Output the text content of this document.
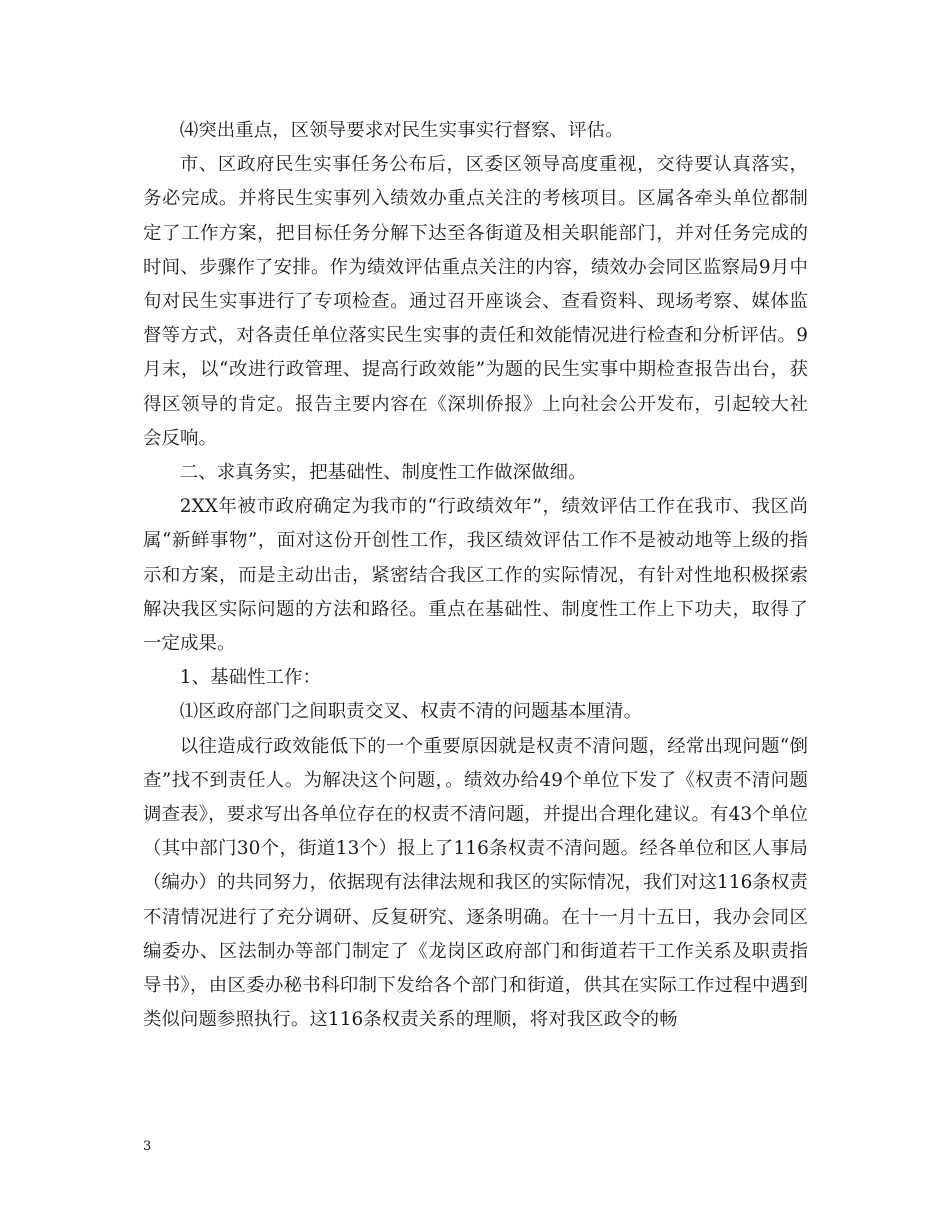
⑷突出重点，区领导要求对民生实事实行督察、评估。

市、区政府民生实事任务公布后，区委区领导高度重视，交待要认真落实，务必完成。并将民生实事列入绩效办重点关注的考核项目。区属各牵头单位都制定了工作方案，把目标任务分解下达至各街道及相关职能部门，并对任务完成的时间、步骤作了安排。作为绩效评估重点关注的内容，绩效办会同区监察局9月中旬对民生实事进行了专项检查。通过召开座谈会、查看资料、现场考察、媒体监督等方式，对各责任单位落实民生实事的责任和效能情况进行检查和分析评估。9月末，以“改进行政管理、提高行政效能”为题的民生实事中期检查报告出台，获得区领导的肯定。报告主要内容在《深圳侨报》上向社会公开发布，引起较大社会反响。

二、求真务实，把基础性、制度性工作做深做细。

2XX年被市政府确定为我市的“行政绩效年”，绩效评估工作在我市、我区尚属“新鲜事物”，面对这份开创性工作，我区绩效评估工作不是被动地等上级的指示和方案，而是主动出击，紧密结合我区工作的实际情况，有针对性地积极探索解决我区实际问题的方法和路径。重点在基础性、制度性工作上下功夫，取得了一定成果。

1、基础性工作：

⑴区政府部门之间职责交叉、权责不清的问题基本厘清。

以往造成行政效能低下的一个重要原因就是权责不清问题，经常出现问题“倒查”找不到责任人。为解决这个问题，。绩效办给49个单位下发了《权责不清问题调查表》，要求写出各单位存在的权责不清问题，并提出合理化建议。有43个单位（其中部门30个，街道13个）报上了116条权责不清问题。经各单位和区人事局（编办）的共同努力，依据现有法律法规和我区的实际情况，我们对这116条权责不清情况进行了充分调研、反复研究、逐条明确。在十一月十五日，我办会同区编委办、区法制办等部门制定了《龙岗区政府部门和街道若干工作关系及职责指导书》，由区委办秘书科印制下发给各个部门和街道，供其在实际工作过程中遇到类似问题参照执行。这116条权责关系的理顺，将对我区政令的畅

3
